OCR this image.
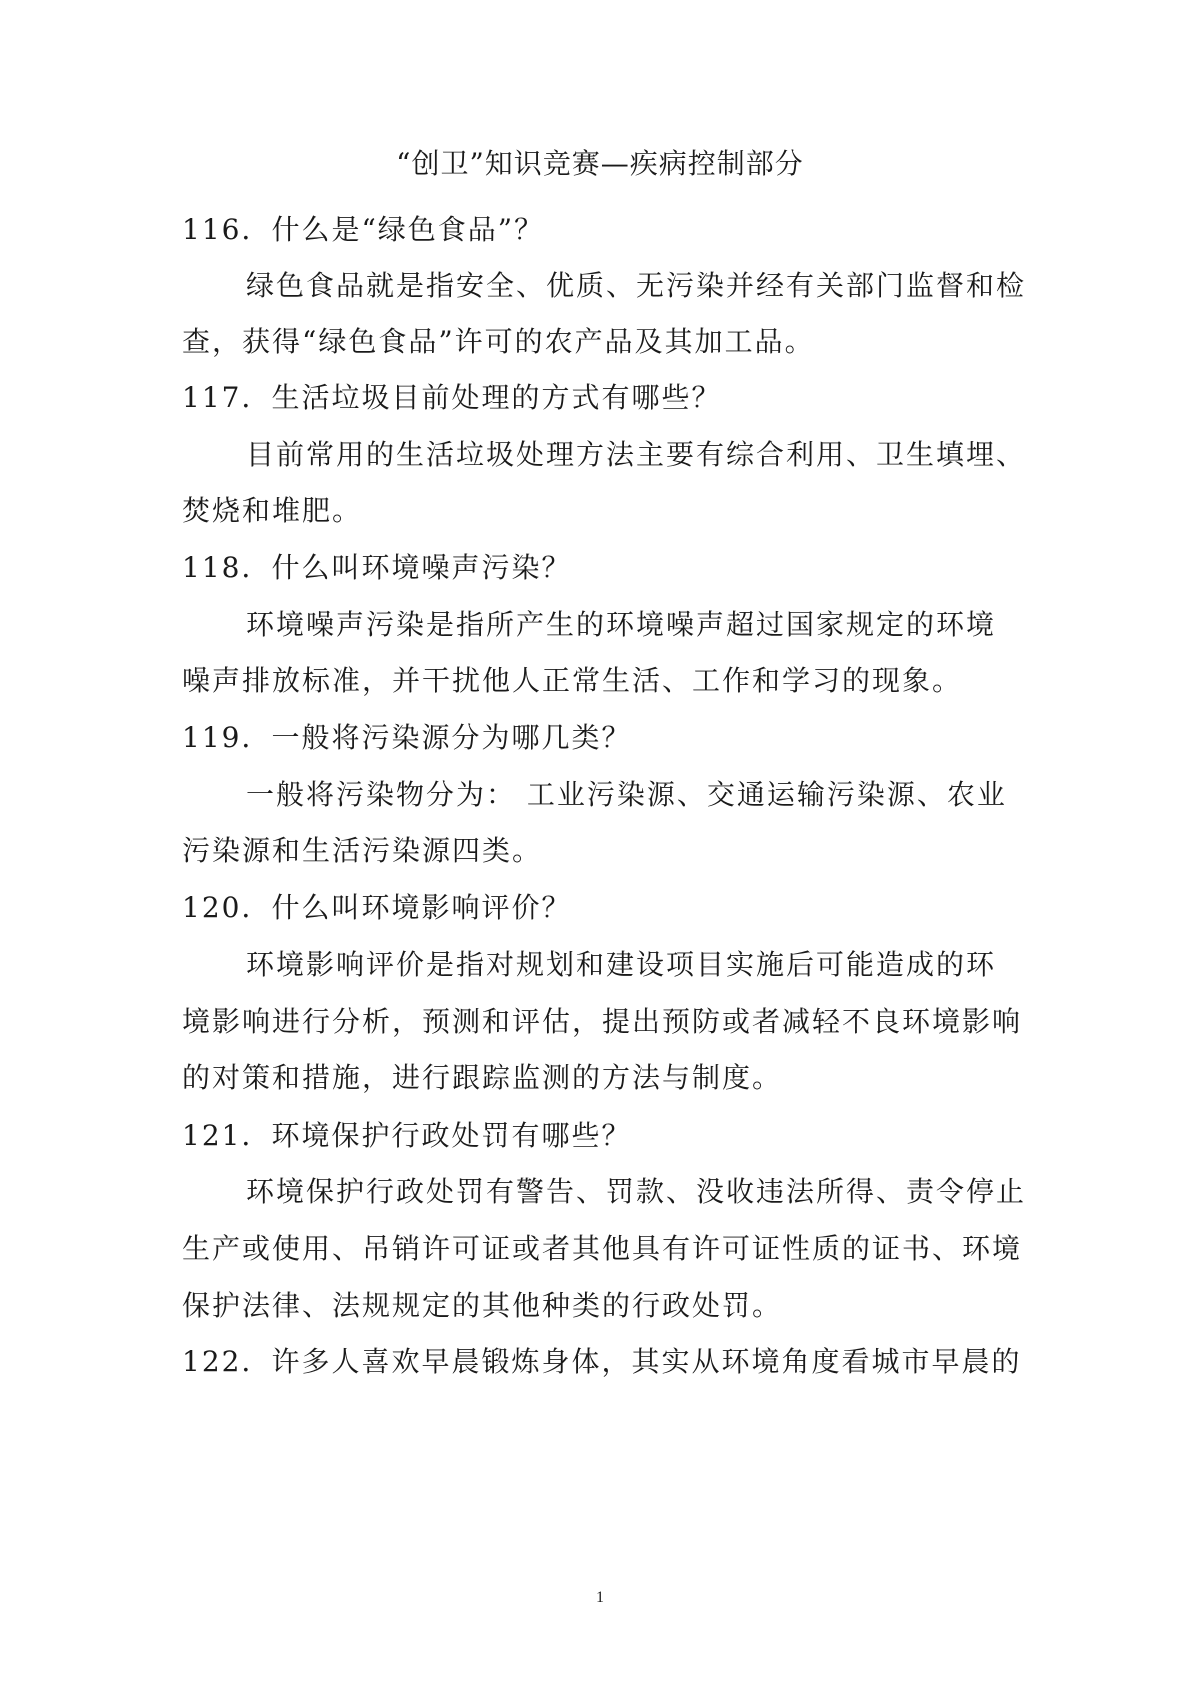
“创卫”知识竞赛—疾病控制部分
116．什么是“绿色食品”？
绿色食品就是指安全、优质、无污染并经有关部门监督和检
查，获得“绿色食品”许可的农产品及其加工品。
117．生活垃圾目前处理的方式有哪些？
目前常用的生活垃圾处理方法主要有综合利用、卫生填埋、
焚烧和堆肥。
118．什么叫环境噪声污染？
环境噪声污染是指所产生的环境噪声超过国家规定的环境
噪声排放标准，并干扰他人正常生活、工作和学习的现象。
119．一般将污染源分为哪几类？
一般将污染物分为： 工业污染源、交通运输污染源、农业
污染源和生活污染源四类。
120．什么叫环境影响评价？
环境影响评价是指对规划和建设项目实施后可能造成的环
境影响进行分析，预测和评估，提出预防或者减轻不良环境影响
的对策和措施，进行跟踪监测的方法与制度。
121．环境保护行政处罚有哪些？
环境保护行政处罚有警告、罚款、没收违法所得、责令停止
生产或使用、吊销许可证或者其他具有许可证性质的证书、环境
保护法律、法规规定的其他种类的行政处罚。
122．许多人喜欢早晨锻炼身体，其实从环境角度看城市早晨的
1
